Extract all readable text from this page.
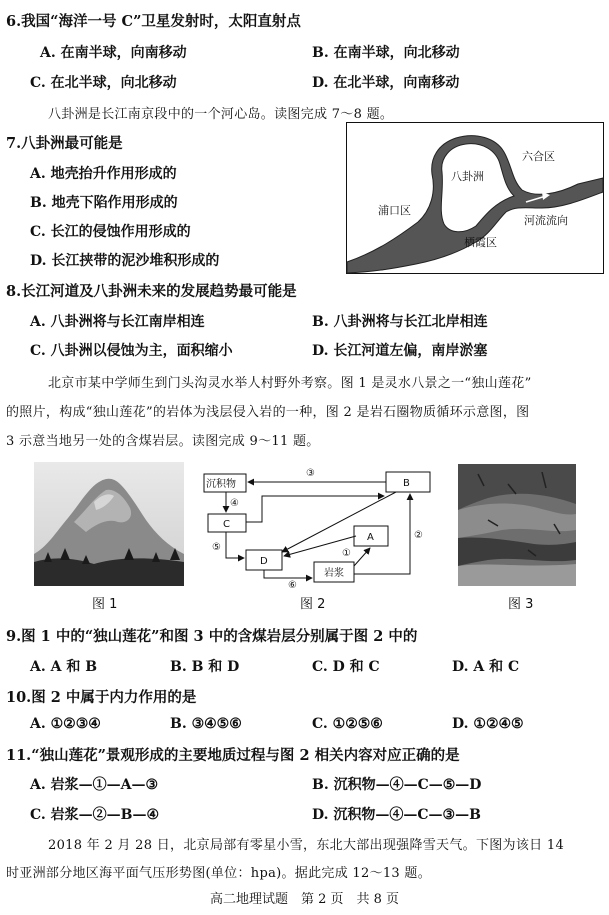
6.我国“海洋一号 C”卫星发射时，太阳直射点
A. 在南半球，向南移动	B. 在南半球，向北移动
C. 在北半球，向北移动	D. 在北半球，向南移动
八卦洲是长江南京段中的一个河心岛。读图完成 7～8 题。
7.八卦洲最可能是
A. 地壳抬升作用形成的
B. 地壳下陷作用形成的
C. 长江的侵蚀作用形成的
D. 长江挟带的泥沙堆积形成的
八卦洲
六合区
浦口区
栖霞区
河流流向
8.长江河道及八卦洲未来的发展趋势最可能是
A. 八卦洲将与长江南岸相连	B. 八卦洲将与长江北岸相连
C. 八卦洲以侵蚀为主，面积缩小	D. 长江河道左偏，南岸淤塞
北京市某中学师生到门头沟灵水举人村野外考察。图 1 是灵水八景之一“独山莲花”
的照片，构成“独山莲花”的岩体为浅层侵入岩的一种，图 2 是岩石圈物质循环示意图，图
3 示意当地另一处的含煤岩层。读图完成 9～11 题。
图 1
沉积物	B
C
A
D
岩浆
③
④
⑤
⑥
①
②
图 2	图 3
9.图 1 中的“独山莲花”和图 3 中的含煤岩层分别属于图 2 中的
A. A 和 B	B. B 和 D	C. D 和 C	D. A 和 C
10.图 2 中属于内力作用的是
A. ①②③④	B. ③④⑤⑥	C. ①②⑤⑥	D. ①②④⑤
11.“独山莲花”景观形成的主要地质过程与图 2 相关内容对应正确的是
A. 岩浆—①—A—③	B. 沉积物—④—C—⑤—D
C. 岩浆—②—B—④	D. 沉积物—④—C—③—B
2018 年 2 月 28 日，北京局部有零星小雪，东北大部出现强降雪天气。下图为该日 14
时亚洲部分地区海平面气压形势图(单位：hpa)。据此完成 12～13 题。
高二地理试题　第 2 页　共 8 页
